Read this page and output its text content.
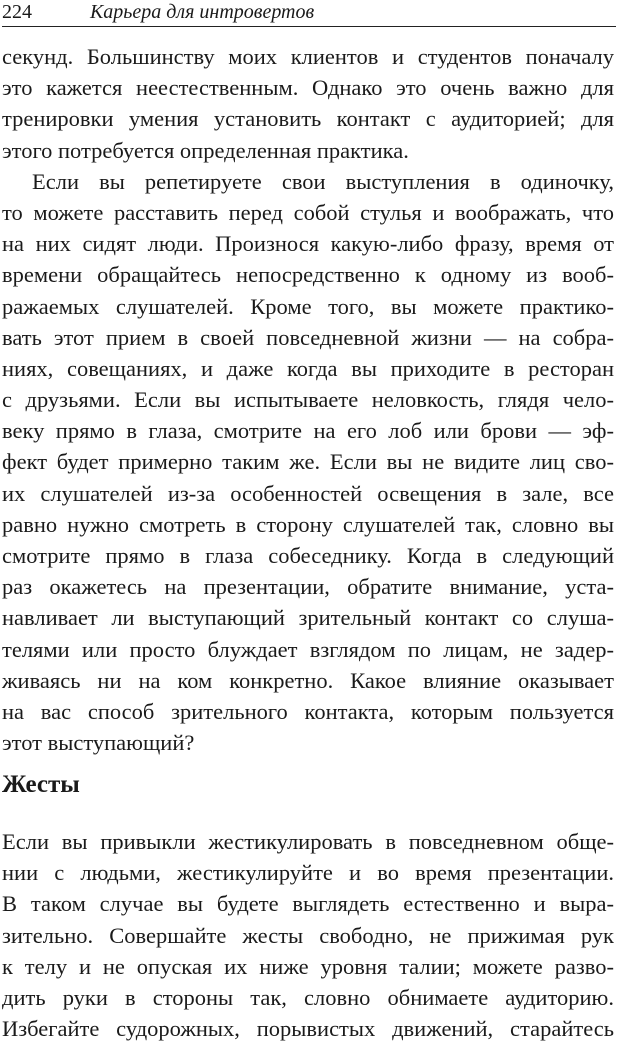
224	Карьера для интровертов
секунд. Большинству моих клиентов и студентов поначалу
это кажется неестественным. Однако это очень важно для
тренировки умения установить контакт с аудиторией; для
этого потребуется определенная практика.
Если вы репетируете свои выступления в одиночку,
то можете расставить перед собой стулья и воображать, что
на них сидят люди. Произнося какую-либо фразу, время от
времени обращайтесь непосредственно к одному из вооб-
ражаемых слушателей. Кроме того, вы можете практико-
вать этот прием в своей повседневной жизни — на собра-
ниях, совещаниях, и даже когда вы приходите в ресторан
с друзьями. Если вы испытываете неловкость, глядя чело-
веку прямо в глаза, смотрите на его лоб или брови — эф-
фект будет примерно таким же. Если вы не видите лиц сво-
их слушателей из-за особенностей освещения в зале, все
равно нужно смотреть в сторону слушателей так, словно вы
смотрите прямо в глаза собеседнику. Когда в следующий
раз окажетесь на презентации, обратите внимание, уста-
навливает ли выступающий зрительный контакт со слуша-
телями или просто блуждает взглядом по лицам, не задер-
живаясь ни на ком конкретно. Какое влияние оказывает
на вас способ зрительного контакта, которым пользуется
этот выступающий?
Жесты
Если вы привыкли жестикулировать в повседневном обще-
нии с людьми, жестикулируйте и во время презентации.
В таком случае вы будете выглядеть естественно и выра-
зительно. Совершайте жесты свободно, не прижимая рук
к телу и не опуская их ниже уровня талии; можете разво-
дить руки в стороны так, словно обнимаете аудиторию.
Избегайте судорожных, порывистых движений, старайтесь
